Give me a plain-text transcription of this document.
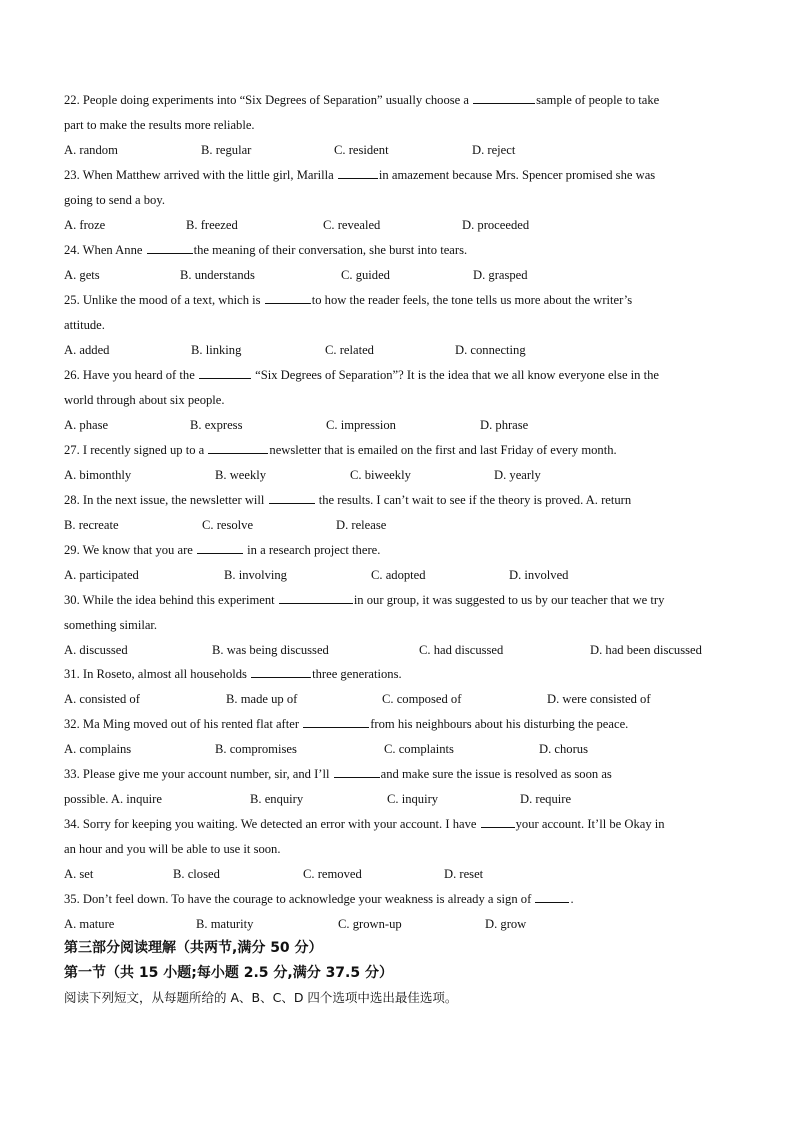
22. People doing experiments into “Six Degrees of Separation” usually choose a	sample of people to take
part to make the results more reliable.
A. random	B. regular	C. resident	D. reject
23. When Matthew arrived with the little girl, Marilla	in amazement because Mrs. Spencer promised she was
going to send a boy.
A. froze	B. freezed	C. revealed	D. proceeded
24. When Anne	the meaning of their conversation, she burst into tears.
A. gets	B. understands	C. guided	D. grasped
25. Unlike the mood of a text, which is	to how the reader feels, the tone tells us more about the writer’s
attitude.
A. added	B. linking	C. related	D. connecting
26. Have you heard of the	“Six Degrees of Separation”? It is the idea that we all know everyone else in the
world through about six people.
A. phase	B. express	C. impression	D. phrase
27. I recently signed up to a	newsletter that is emailed on the first and last Friday of every month.
A. bimonthly	B. weekly	C. biweekly	D. yearly
28. In the next issue, the newsletter will	the results. I can’t wait to see if the theory is proved. A. return
B. recreate	C. resolve	D. release
29. We know that you are	in a research project there.
A. participated	B. involving	C. adopted	D. involved
30. While the idea behind this experiment	in our group, it was suggested to us by our teacher that we try
something similar.
A. discussed	B. was being discussed	C. had discussed	D. had been discussed
31. In Roseto, almost all households	three generations.
A. consisted of	B. made up of	C. composed of	D. were consisted of
32. Ma Ming moved out of his rented flat after	from his neighbours about his disturbing the peace.
A. complains	B. compromises	C. complaints	D. chorus
33. Please give me your account number, sir, and I’ll	and make sure the issue is resolved as soon as
possible. A. inquire	B. enquiry	C. inquiry	D. require
34. Sorry for keeping you waiting. We detected an error with your account. I have	your account. It’ll be Okay in
an hour and you will be able to use it soon.
A. set	B. closed	C. removed	D. reset
35. Don’t feel down. To have the courage to acknowledge your weakness is already a sign of	.
A. mature	B. maturity	C. grown-up	D. grow
第三部分阅读理解（共两节,满分 50 分）
第一节（共 15 小题;每小题 2.5 分,满分 37.5 分）
阅读下列短文，从每题所给的 A、B、C、D 四个选项中选出最佳选项。
